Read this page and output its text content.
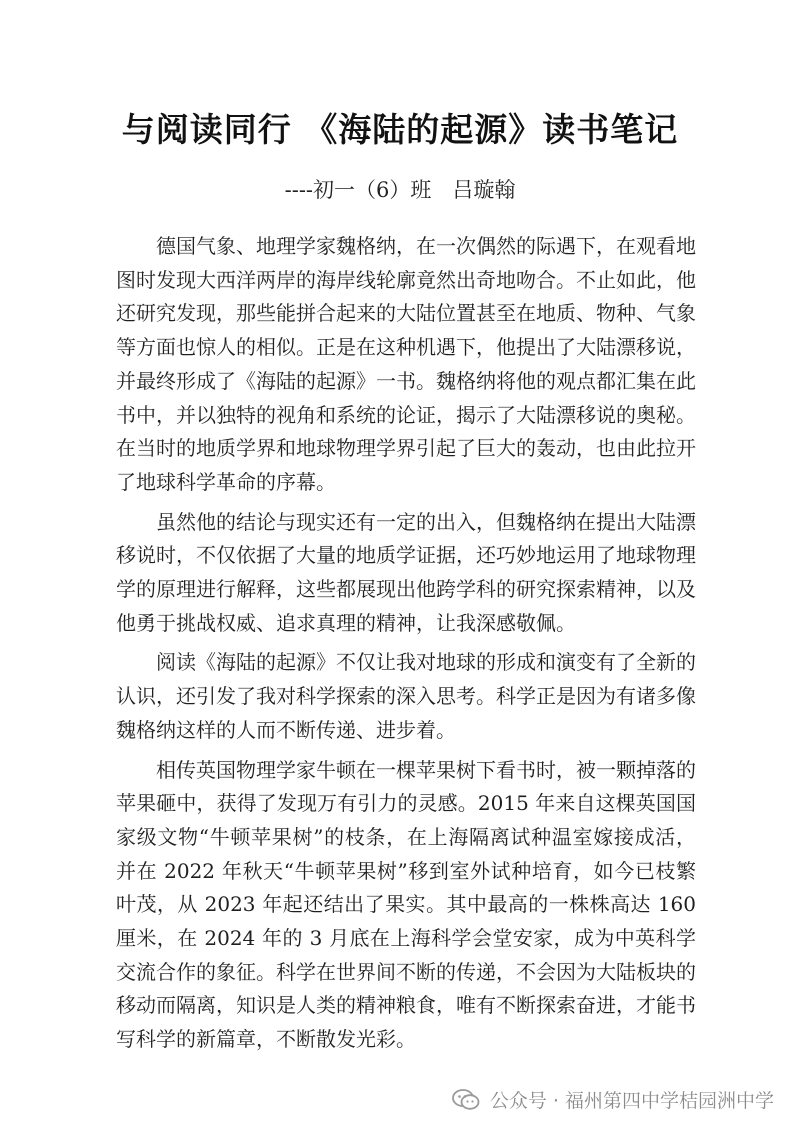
与阅读同行 《海陆的起源》读书笔记
----初一（6）班　吕璇翰

德国气象、地理学家魏格纳，在一次偶然的际遇下，在观看地图时发现大西洋两岸的海岸线轮廓竟然出奇地吻合。不止如此，他还研究发现，那些能拼合起来的大陆位置甚至在地质、物种、气象等方面也惊人的相似。正是在这种机遇下，他提出了大陆漂移说，并最终形成了《海陆的起源》一书。魏格纳将他的观点都汇集在此书中，并以独特的视角和系统的论证，揭示了大陆漂移说的奥秘。在当时的地质学界和地球物理学界引起了巨大的轰动，也由此拉开了地球科学革命的序幕。

虽然他的结论与现实还有一定的出入，但魏格纳在提出大陆漂移说时，不仅依据了大量的地质学证据，还巧妙地运用了地球物理学的原理进行解释，这些都展现出他跨学科的研究探索精神，以及他勇于挑战权威、追求真理的精神，让我深感敬佩。

阅读《海陆的起源》不仅让我对地球的形成和演变有了全新的认识，还引发了我对科学探索的深入思考。科学正是因为有诸多像魏格纳这样的人而不断传递、进步着。

相传英国物理学家牛顿在一棵苹果树下看书时，被一颗掉落的苹果砸中，获得了发现万有引力的灵感。2015 年来自这棵英国国家级文物“牛顿苹果树”的枝条，在上海隔离试种温室嫁接成活，并在 2022 年秋天“牛顿苹果树”移到室外试种培育，如今已枝繁叶茂，从 2023 年起还结出了果实。其中最高的一株株高达 160 厘米，在 2024 年的 3 月底在上海科学会堂安家，成为中英科学交流合作的象征。科学在世界间不断的传递，不会因为大陆板块的移动而隔离，知识是人类的精神粮食，唯有不断探索奋进，才能书写科学的新篇章，不断散发光彩。

公众号 · 福州第四中学桔园洲中学
